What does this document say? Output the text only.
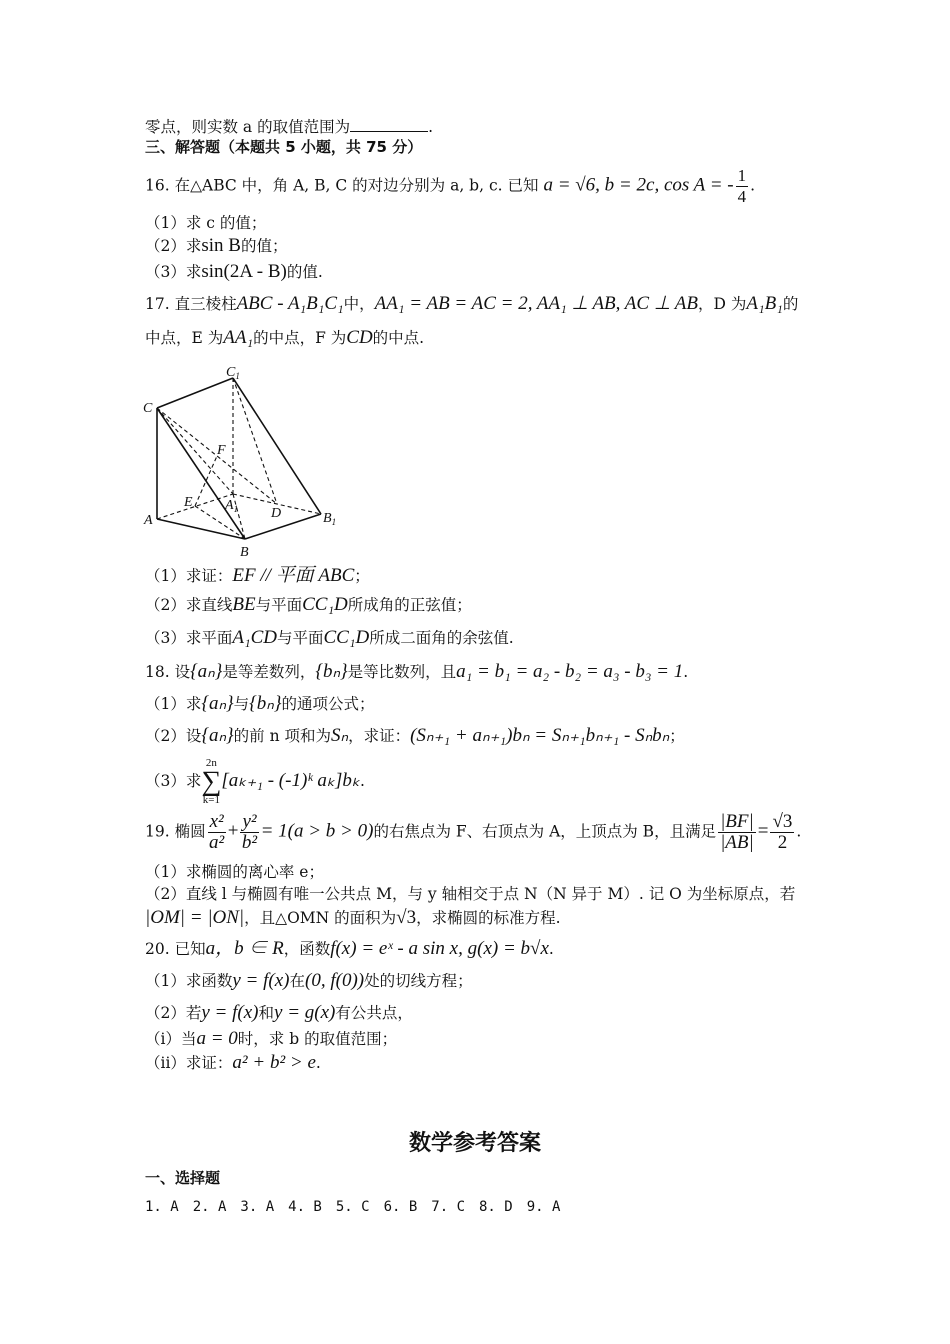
零点，则实数 a 的取值范围为	.
三、解答题（本题共 5 小题，共 75 分）
16. 在△ABC 中，角 A, B, C 的对边分别为 a, b, c. 已知 a = √6, b = 2c, cos A = - $\frac{1}{4}$ .
（1）求 c 的值；
（2）求sin B的值；
（3）求sin(2A - B)的值.
17. 直三棱柱ABC - A₁B₁C₁中，AA₁ = AB = AC = 2, AA₁ ⊥ AB, AC ⊥ AB，D 为A₁B₁的
中点，E 为AA₁的中点，F 为CD的中点.
$C_1$
C
F
E $A_1$ D	$B_1$
A
B
（1）求证：EF // 平面 ABC；
（2）求直线BE与平面CC₁D所成角的正弦值；
（3）求平面A₁CD与平面CC₁D所成二面角的余弦值.
18. 设{aₙ}是等差数列，{bₙ}是等比数列，且a₁ = b₁ = a₂ - b₂ = a₃ - b₃ = 1.
（1）求{aₙ}与{bₙ}的通项公式；
（2）设{aₙ}的前 n 项和为Sₙ，求证：(Sₙ₊₁ + aₙ₊₁)bₙ = Sₙ₊₁bₙ₊₁ - Sₙbₙ；
（3）求
2n
∑
k=1
[aₖ₊₁ - (-1)ᵏ aₖ]bₖ.
19. 椭圆 $\frac{\text{x²}}{\text{a²}} + \frac{\text{y²}}{\text{b²}} = 1(a > b > 0)$的右焦点为 F、右顶点为 A，上顶点为 B，且满足 $\frac{|BF|}{|AB|} = \frac{√3}{2}$ .
（1）求椭圆的离心率 e；
（2）直线 l 与椭圆有唯一公共点 M，与 y 轴相交于点 N（N 异于 M）. 记 O 为坐标原点，若
|OM| = |ON|，且△OMN 的面积为√3，求椭圆的标准方程.
20. 已知a，b ∈ R，函数f(x) = eˣ - a sin x, g(x) = b√x.
（1）求函数y = f(x)在(0, f(0))处的切线方程；
（2）若y = f(x)和y = g(x)有公共点，
（i）当a = 0时，求 b 的取值范围；
（ii）求证：a² + b² > e.
数学参考答案
一、选择题
1. A　2. A　3. A　4. B　5. C　6. B　7. C　8. D　9. A
